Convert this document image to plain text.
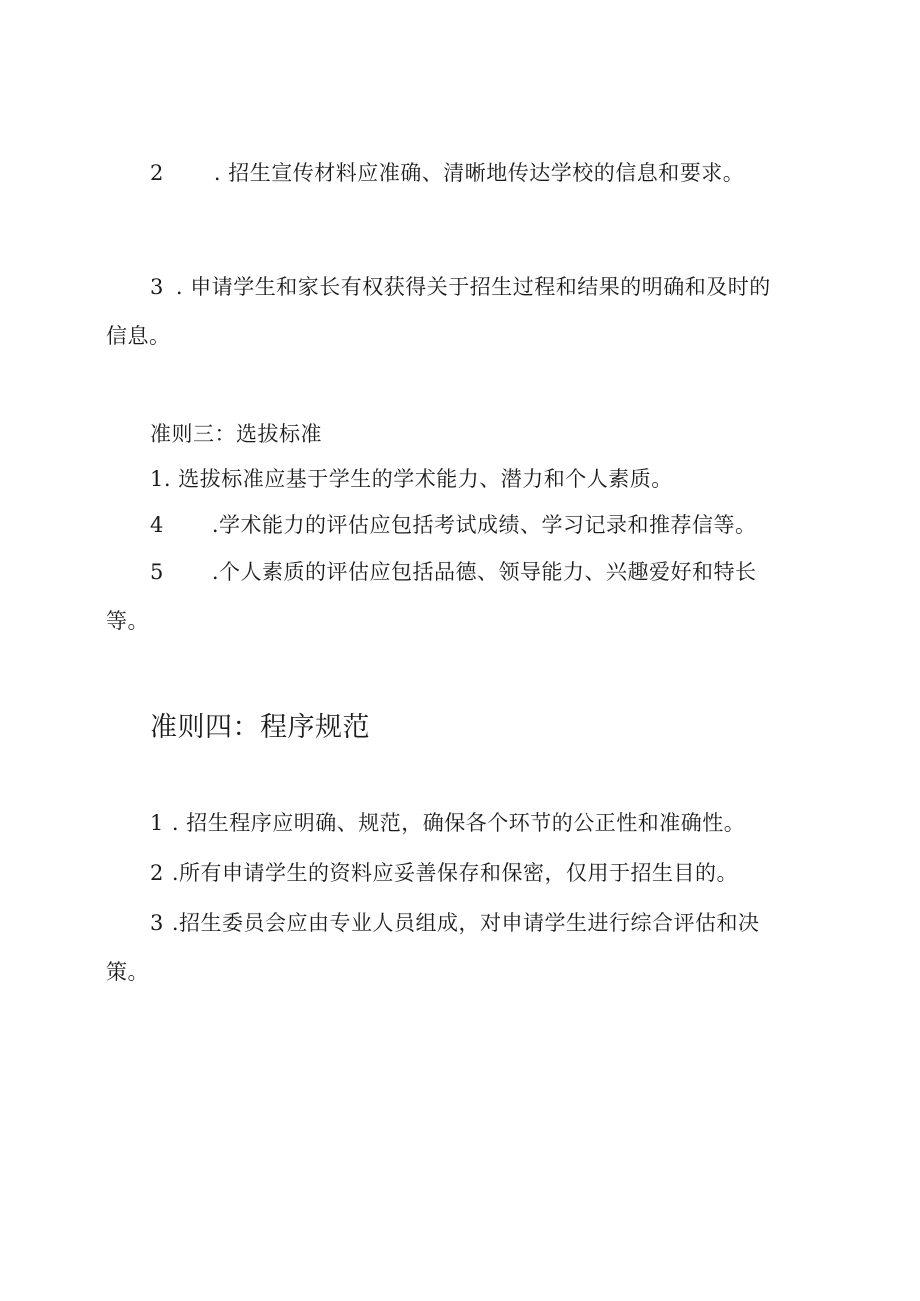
2 . 招生宣传材料应准确、清晰地传达学校的信息和要求。
3 . 申请学生和家长有权获得关于招生过程和结果的明确和及时的
信息。
准则三：选拔标准
1. 选拔标准应基于学生的学术能力、潜力和个人素质。
4 .学术能力的评估应包括考试成绩、学习记录和推荐信等。
5 .个人素质的评估应包括品德、领导能力、兴趣爱好和特长
等。
准则四：程序规范
1 . 招生程序应明确、规范，确保各个环节的公正性和准确性。
2 .所有申请学生的资料应妥善保存和保密，仅用于招生目的。
3 .招生委员会应由专业人员组成，对申请学生进行综合评估和决
策。
